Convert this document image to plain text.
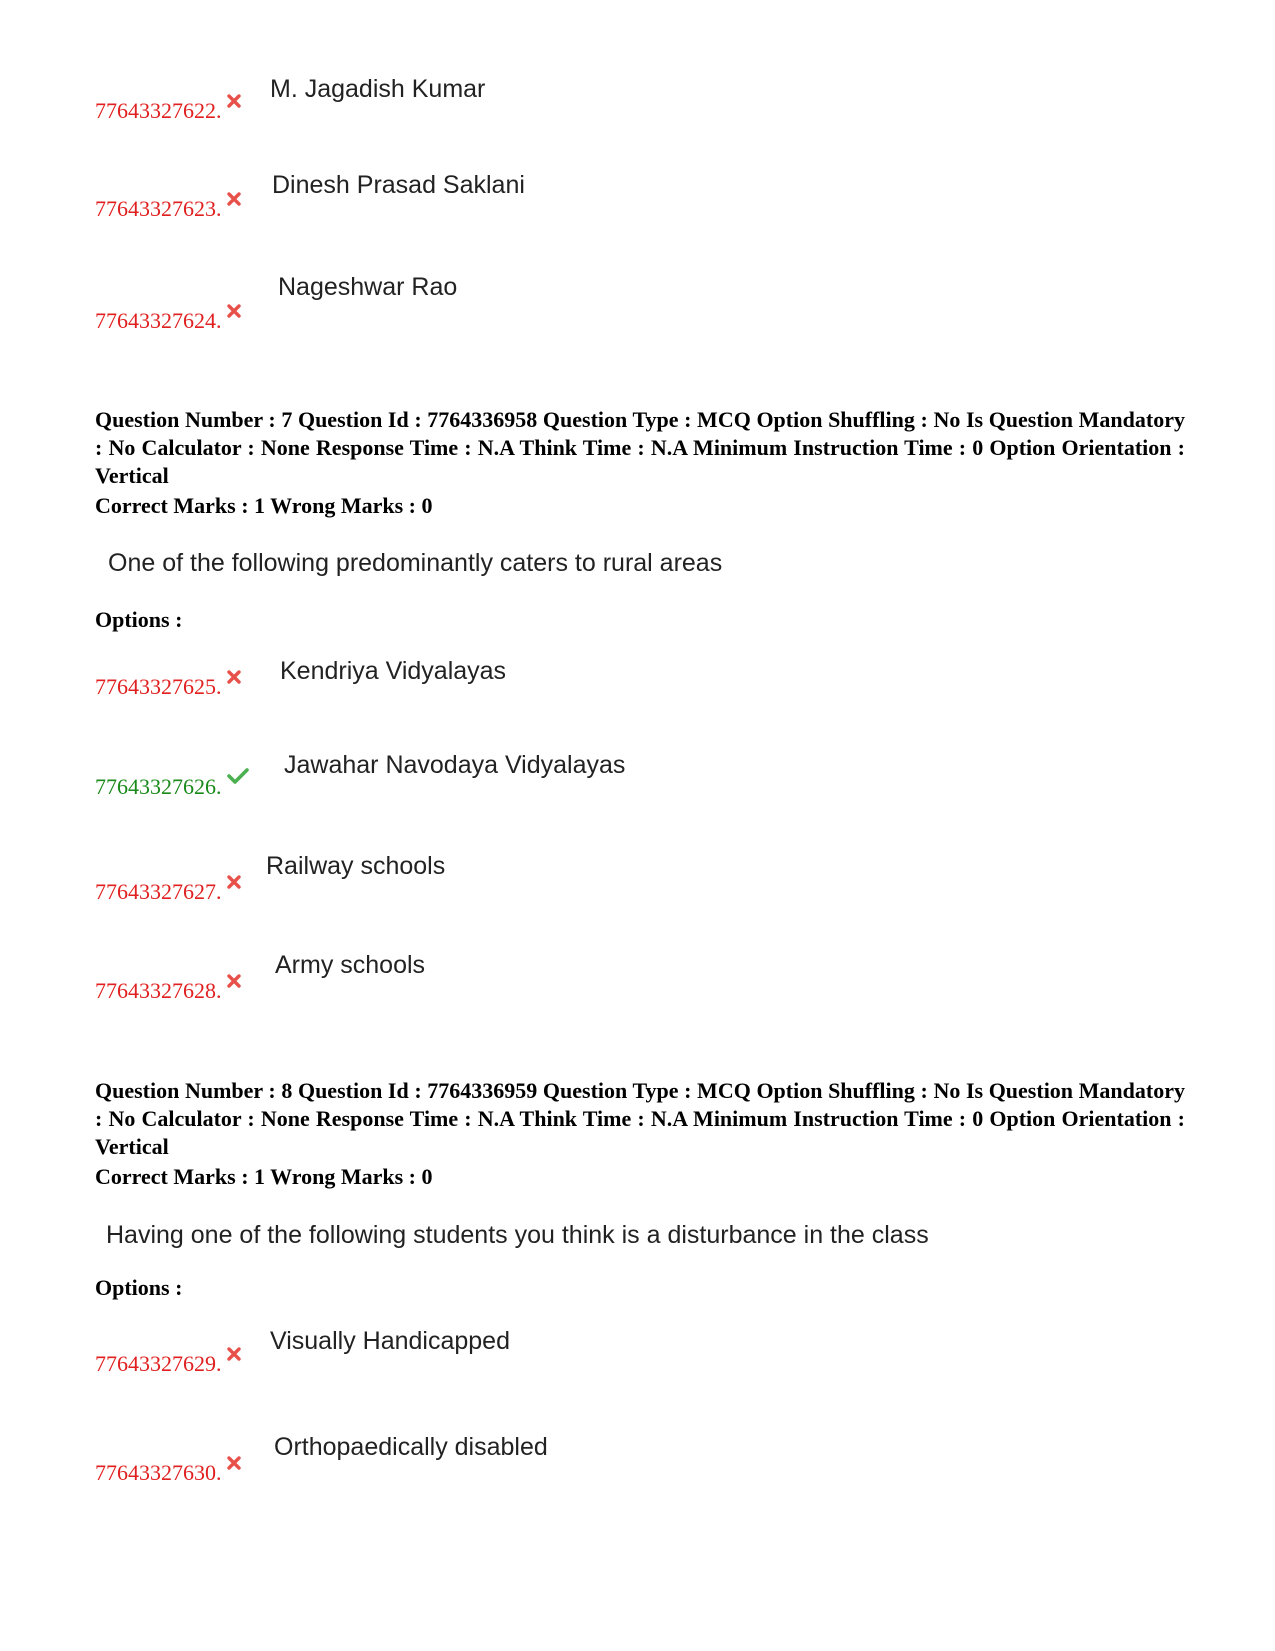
77643327622.
M. Jagadish Kumar
77643327623.
Dinesh Prasad Saklani
77643327624.
Nageshwar Rao
Question Number : 7 Question Id : 7764336958 Question Type : MCQ Option Shuffling : No Is Question Mandatory : No Calculator : None Response Time : N.A Think Time : N.A Minimum Instruction Time : 0 Option Orientation : Vertical
Correct Marks : 1 Wrong Marks : 0
One of the following predominantly caters to rural areas
Options :
77643327625.
Kendriya Vidyalayas
77643327626.
Jawahar Navodaya Vidyalayas
77643327627.
Railway schools
77643327628.
Army schools
Question Number : 8 Question Id : 7764336959 Question Type : MCQ Option Shuffling : No Is Question Mandatory : No Calculator : None Response Time : N.A Think Time : N.A Minimum Instruction Time : 0 Option Orientation : Vertical
Correct Marks : 1 Wrong Marks : 0
Having one of the following students you think is a disturbance in the class
Options :
77643327629.
Visually Handicapped
77643327630.
Orthopaedically disabled
